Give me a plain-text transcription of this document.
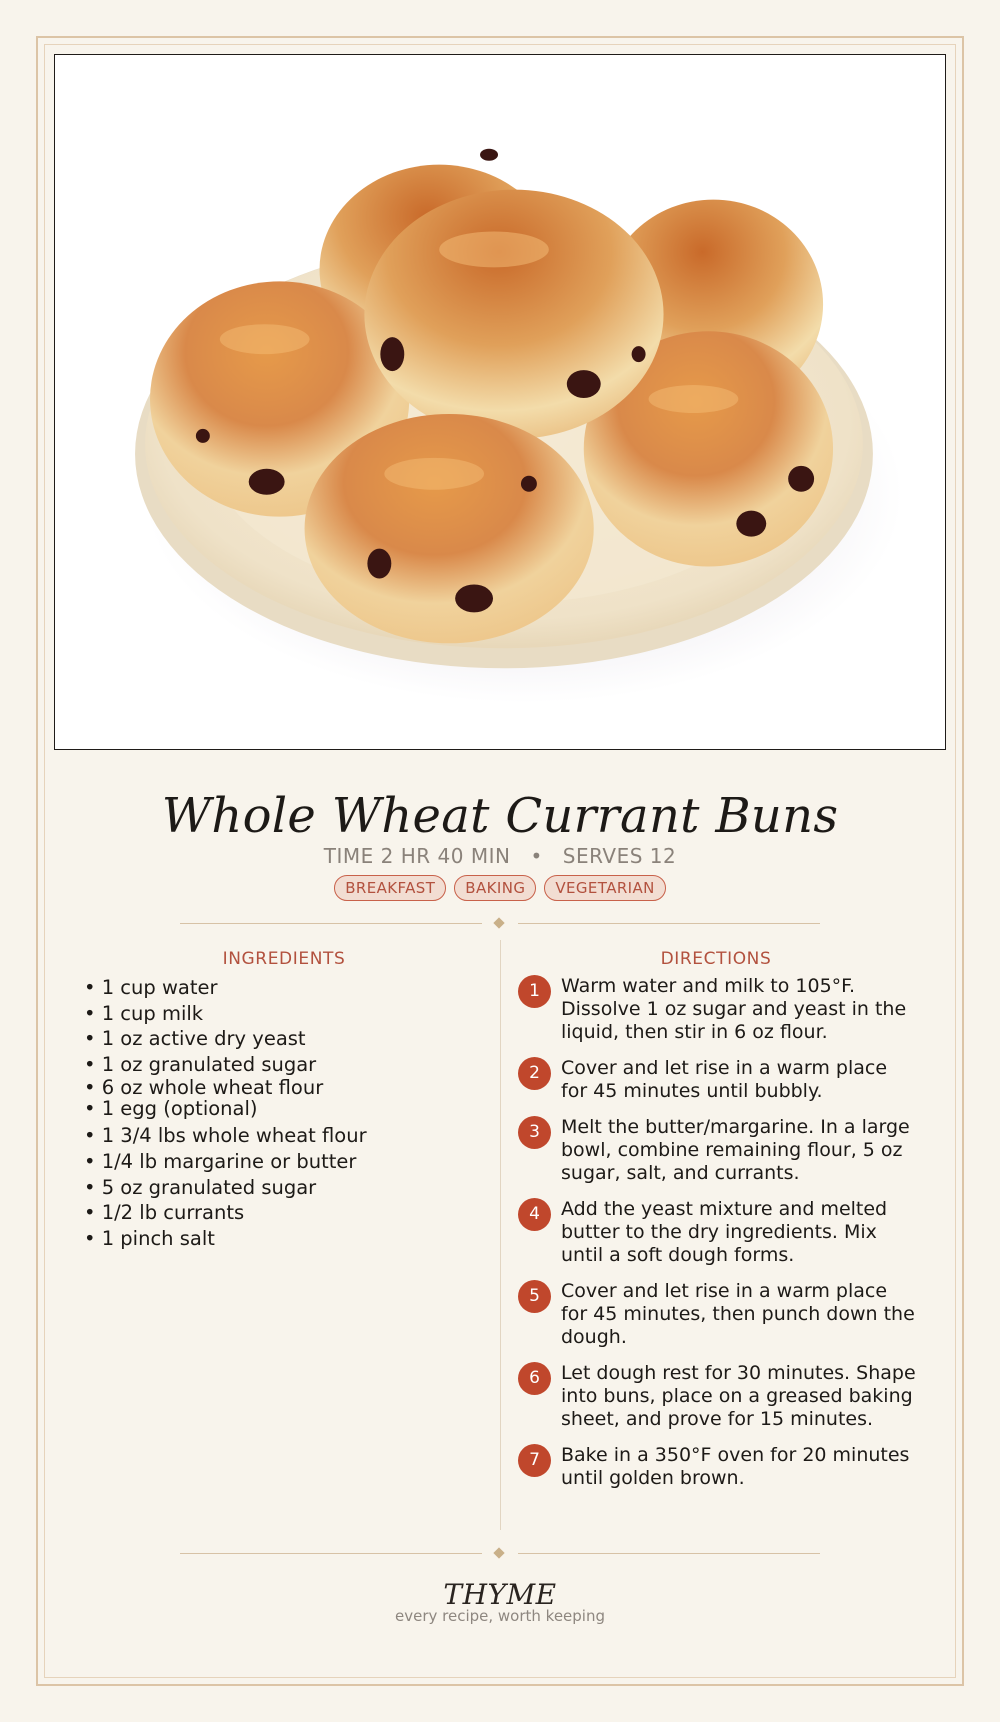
Whole Wheat Currant Buns
TIME 2 HR 40 MIN • SERVES 12
BREAKFAST	BAKING	VEGETARIAN
INGREDIENTS
• 1 cup water
• 1 cup milk
• 1 oz active dry yeast
• 1 oz granulated sugar
• 6 oz whole wheat flour
• 1 egg (optional)
• 1 3/4 lbs whole wheat flour
• 1/4 lb margarine or butter
• 5 oz granulated sugar
• 1/2 lb currants
• 1 pinch salt
DIRECTIONS
1	Warm water and milk to 105°F. Dissolve 1 oz sugar and yeast in the liquid, then stir in 6 oz flour.
2	Cover and let rise in a warm place for 45 minutes until bubbly.
3	Melt the butter/margarine. In a large bowl, combine remaining flour, 5 oz sugar, salt, and currants.
4	Add the yeast mixture and melted butter to the dry ingredients. Mix until a soft dough forms.
5	Cover and let rise in a warm place for 45 minutes, then punch down the dough.
6	Let dough rest for 30 minutes. Shape into buns, place on a greased baking sheet, and prove for 15 minutes.
7	Bake in a 350°F oven for 20 minutes until golden brown.
THYME
every recipe, worth keeping
